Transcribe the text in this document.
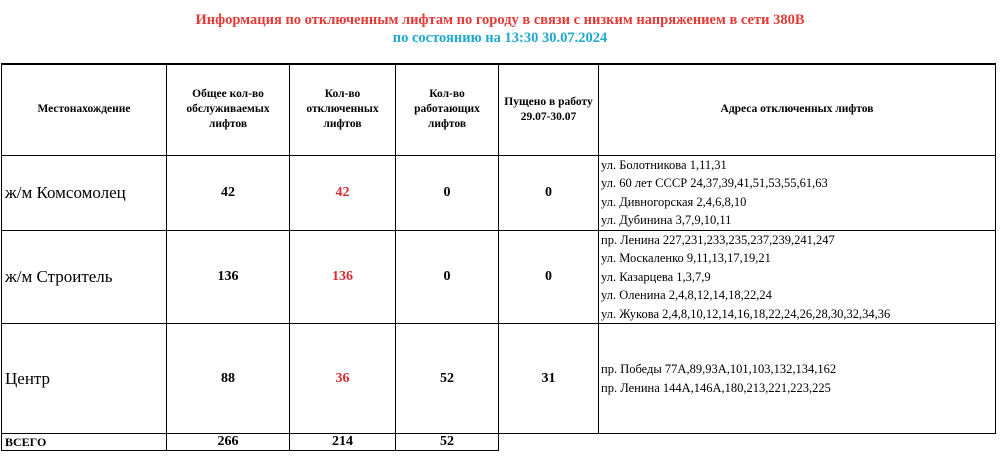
Информация по отключенным лифтам по городу в связи с низким напряжением в сети 380В
по состоянию на 13:30 30.07.2024
Местонахождение	Общее кол-во обслуживаемых лифтов	Кол-во отключенных лифтов	Кол-во работающих лифтов	Пущено в работу 29.07-30.07	Адреса отключенных лифтов
ж/м Комсомолец	42	42	0	0	ул. Болотникова 1,11,31
ул. 60 лет СССР 24,37,39,41,51,53,55,61,63
ул. Дивногорская 2,4,6,8,10
ул. Дубинина 3,7,9,10,11

ж/м Строитель	136	136	0	0	пр. Ленина 227,231,233,235,237,239,241,247
ул. Москаленко 9,11,13,17,19,21
ул. Казарцева 1,3,7,9
ул. Оленина 2,4,8,12,14,18,22,24
ул. Жукова 2,4,8,10,12,14,16,18,22,24,26,28,30,32,34,36

Центр	88	36	52	31	пр. Победы 77А,89,93А,101,103,132,134,162
пр. Ленина 144А,146А,180,213,221,223,225

ВСЕГО	266	214	52		
